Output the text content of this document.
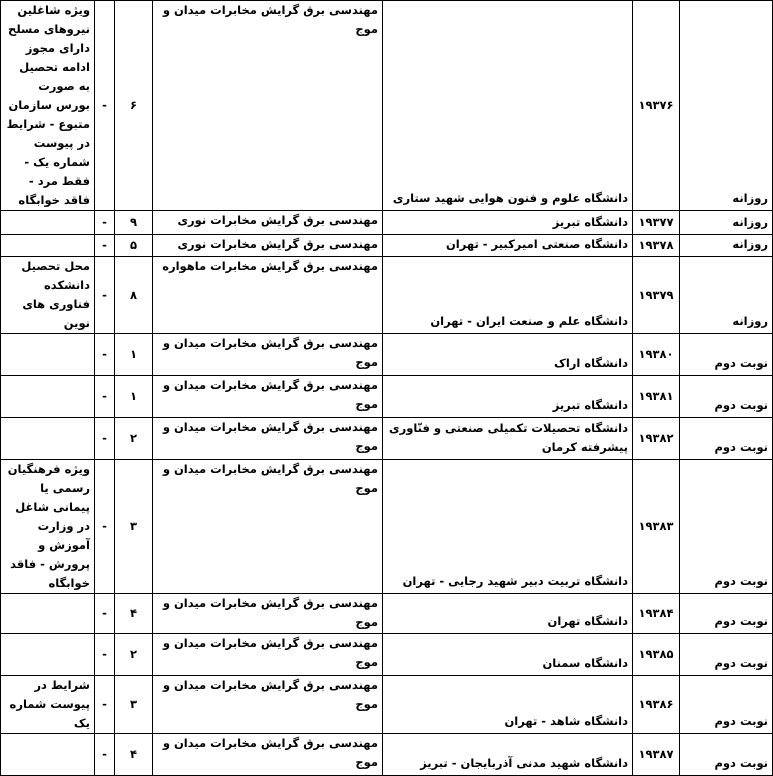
روزانه	۱۹۳۷۶	دانشگاه علوم و فنون هوایی شهید ستاری	مهندسی برق گرایش مخابرات میدان و موج	۶	-	ویژه شاغلین نیروهای مسلح دارای مجوز ادامه تحصیل به صورت بورس سازمان متبوع - شرایط در پیوست شماره یک - فقط مرد - فاقد خوابگاه
روزانه	۱۹۳۷۷	دانشگاه تبریز	مهندسی برق گرایش مخابرات نوری	۹	-	
روزانه	۱۹۳۷۸	دانشگاه صنعتی امیرکبیر - تهران	مهندسی برق گرایش مخابرات نوری	۵	-	
روزانه	۱۹۳۷۹	دانشگاه علم و صنعت ایران - تهران	مهندسی برق گرایش مخابرات ماهواره	۸	-	محل تحصیل دانشکده فناوری های نوین
نوبت دوم	۱۹۳۸۰	دانشگاه اراک	مهندسی برق گرایش مخابرات میدان و موج	۱	-	
نوبت دوم	۱۹۳۸۱	دانشگاه تبریز	مهندسی برق گرایش مخابرات میدان و موج	۱	-	
نوبت دوم	۱۹۳۸۲	دانشگاه تحصیلات تکمیلی صنعتی و فنّاوری پیشرفته کرمان	مهندسی برق گرایش مخابرات میدان و موج	۲	-	
نوبت دوم	۱۹۳۸۳	دانشگاه تربیت دبیر شهید رجایی - تهران	مهندسی برق گرایش مخابرات میدان و موج	۳	-	ویژه فرهنگیان رسمی یا پیمانی شاغل در وزارت آموزش و پرورش - فاقد خوابگاه
نوبت دوم	۱۹۳۸۴	دانشگاه تهران	مهندسی برق گرایش مخابرات میدان و موج	۴	-	
نوبت دوم	۱۹۳۸۵	دانشگاه سمنان	مهندسی برق گرایش مخابرات میدان و موج	۲	-	
نوبت دوم	۱۹۳۸۶	دانشگاه شاهد - تهران	مهندسی برق گرایش مخابرات میدان و موج	۳	-	شرایط در پیوست شماره یک
نوبت دوم	۱۹۳۸۷	دانشگاه شهید مدنی آذربایجان - تبریز	مهندسی برق گرایش مخابرات میدان و موج	۴	-	
